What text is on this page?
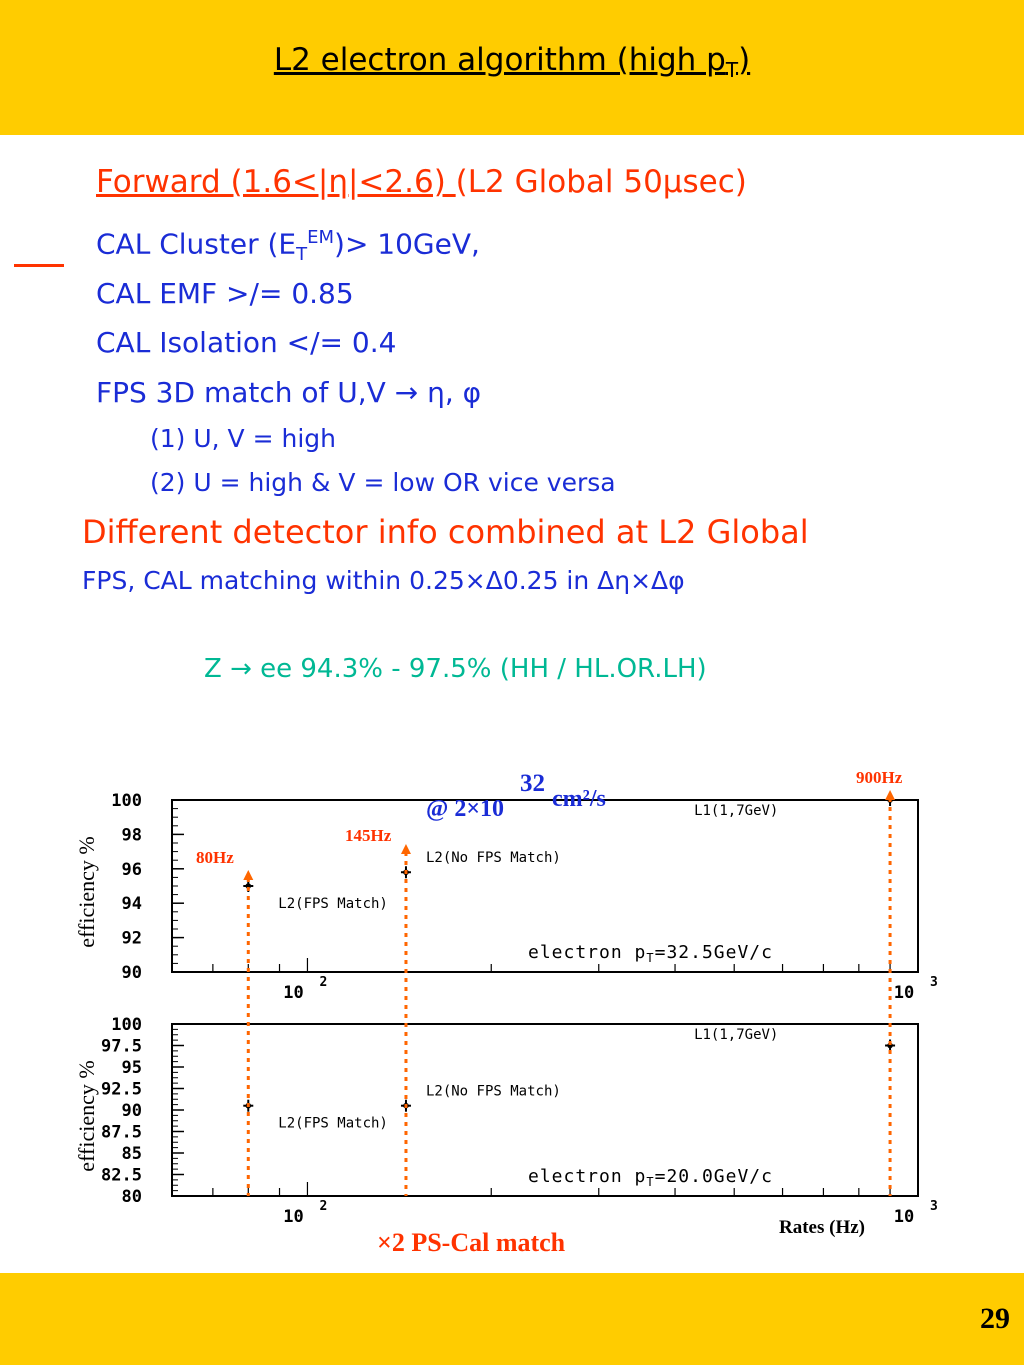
L2 electron algorithm (high $p_T$)
Forward (1.6<|η|<2.6) (L2 Global 50μsec)
CAL Cluster $(E_T^{EM})> 10GeV$,
CAL EMF >/= 0.85
CAL Isolation </= 0.4
FPS 3D match of U,V → η, φ
(1) U, V = high
(2) U = high & V = low OR vice versa
Different detector info combined at L2 Global
FPS, CAL matching within 0.25×Δ0.25 in Δη×Δφ
Z → ee 94.3% - 97.5% (HH / HL.OR.LH)
90
92
94
96
98
100
10
2
10
3
efficiency %
electron $p_T=32.5GeV/c$
L2(FPS Match)
L2(No FPS Match)
L1(1,7GeV)
80
82.5
85
87.5
90
92.5
95
97.5
100
10
2
10
3
efficiency %
electron $p_T=20.0GeV/c$
L2(FPS Match)
L2(No FPS Match)
L1(1,7GeV)
Rates (Hz)
@ 2×10
32
cm²/s
80Hz
145Hz
900Hz
×2 PS-Cal match
29
